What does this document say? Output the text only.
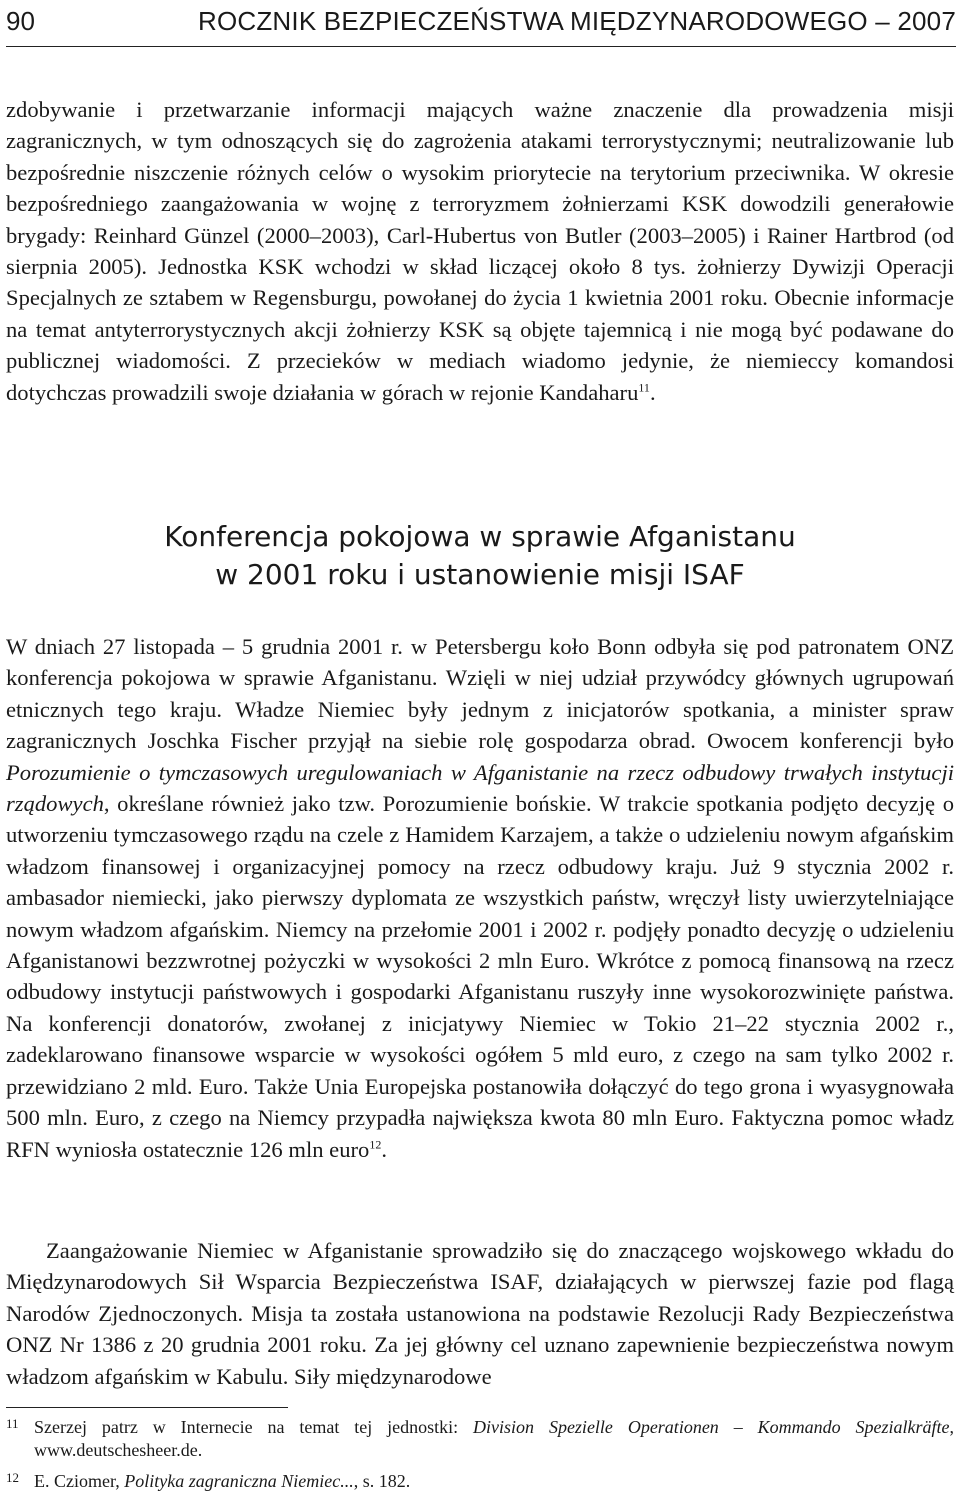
90	ROCZNIK BEZPIECZEŃSTWA MIĘDZYNARODOWEGO – 2007

zdobywanie i przetwarzanie informacji mających ważne znaczenie dla prowadzenia misji zagranicznych, w tym odnoszących się do zagrożenia atakami terrorystycznymi; neutralizowanie lub bezpośrednie niszczenie różnych celów o wysokim priorytecie na terytorium przeciwnika. W okresie bezpośredniego zaangażowania w wojnę z terroryzmem żołnierzami KSK dowodzili generałowie brygady: Reinhard Günzel (2000–2003), Carl-Hubertus von Butler (2003–2005) i Rainer Hartbrod (od sierpnia 2005). Jednostka KSK wchodzi w skład liczącej około 8 tys. żołnierzy Dywizji Operacji Specjalnych ze sztabem w Regensburgu, powołanej do życia 1 kwietnia 2001 roku. Obecnie informacje na temat antyterrorystycznych akcji żołnierzy KSK są objęte tajemnicą i nie mogą być podawane do publicznej wiadomości. Z przecieków w mediach wiadomo jedynie, że niemieccy komandosi dotychczas prowadzili swoje działania w górach w rejonie Kandaharu$^{11}$.

Konferencja pokojowa w sprawie Afganistanu
w 2001 roku i ustanowienie misji ISAF

W dniach 27 listopada – 5 grudnia 2001 r. w Petersbergu koło Bonn odbyła się pod patronatem ONZ konferencja pokojowa w sprawie Afganistanu. Wzięli w niej udział przywódcy głównych ugrupowań etnicznych tego kraju. Władze Niemiec były jednym z inicjatorów spotkania, a minister spraw zagranicznych Joschka Fischer przyjął na siebie rolę gospodarza obrad. Owocem konferencji było Porozumienie o tymczasowych uregulowaniach w Afganistanie na rzecz odbudowy trwałych instytucji rządowych, określane również jako tzw. Porozumienie bońskie. W trakcie spotkania podjęto decyzję o utworzeniu tymczasowego rządu na czele z Hamidem Karzajem, a także o udzieleniu nowym afgańskim władzom finansowej i organizacyjnej pomocy na rzecz odbudowy kraju. Już 9 stycznia 2002 r. ambasador niemiecki, jako pierwszy dyplomata ze wszystkich państw, wręczył listy uwierzytelniające nowym władzom afgańskim. Niemcy na przełomie 2001 i 2002 r. podjęły ponadto decyzję o udzieleniu Afganistanowi bezzwrotnej pożyczki w wysokości 2 mln Euro. Wkrótce z pomocą finansową na rzecz odbudowy instytucji państwowych i gospodarki Afganistanu ruszyły inne wysokorozwinięte państwa. Na konferencji donatorów, zwołanej z inicjatywy Niemiec w Tokio 21–22 stycznia 2002 r., zadeklarowano finansowe wsparcie w wysokości ogółem 5 mld euro, z czego na sam tylko 2002 r. przewidziano 2 mld. Euro. Także Unia Europejska postanowiła dołączyć do tego grona i wyasygnowała 500 mln. Euro, z czego na Niemcy przypadła największa kwota 80 mln Euro. Faktyczna pomoc władz RFN wyniosła ostatecznie 126 mln euro$^{12}$.

Zaangażowanie Niemiec w Afganistanie sprowadziło się do znaczącego wojskowego wkładu do Międzynarodowych Sił Wsparcia Bezpieczeństwa ISAF, działających w pierwszej fazie pod flagą Narodów Zjednoczonych. Misja ta została ustanowiona na podstawie Rezolucji Rady Bezpieczeństwa ONZ Nr 1386 z 20 grudnia 2001 roku. Za jej główny cel uznano zapewnienie bezpieczeństwa nowym władzom afgańskim w Kabulu. Siły międzynarodowe

11 Szerzej patrz w Internecie na temat tej jednostki: Division Spezielle Operationen – Kommando Spezialkräfte, www.deutschesheer.de.
12 E. Cziomer, Polityka zagraniczna Niemiec..., s. 182.
